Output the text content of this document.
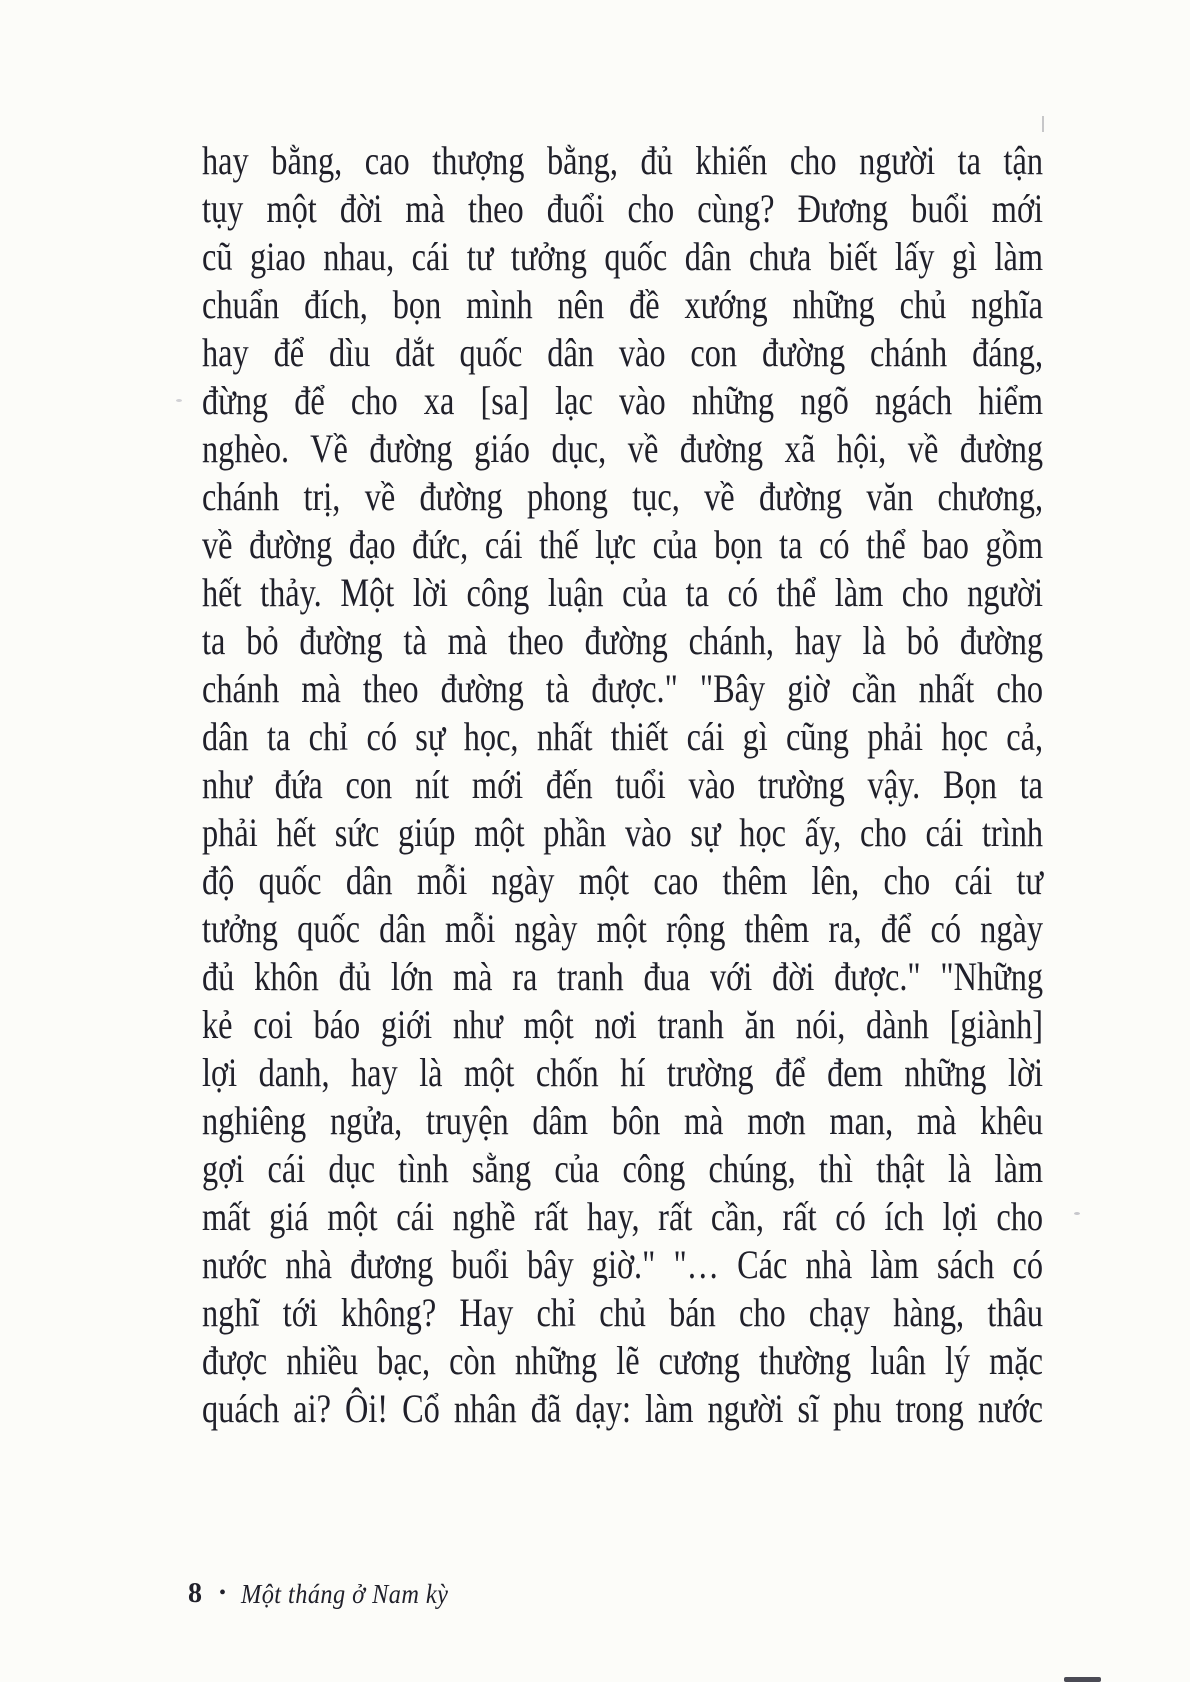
hay bằng, cao thượng bằng, đủ khiến cho người ta tận
tụy một đời mà theo đuổi cho cùng? Đương buổi mới
cũ giao nhau, cái tư tưởng quốc dân chưa biết lấy gì làm
chuẩn đích, bọn mình nên đề xướng những chủ nghĩa
hay để dìu dắt quốc dân vào con đường chánh đáng,
đừng để cho xa [sa] lạc vào những ngõ ngách hiểm
nghèo. Về đường giáo dục, về đường xã hội, về đường
chánh trị, về đường phong tục, về đường văn chương,
về đường đạo đức, cái thế lực của bọn ta có thể bao gồm
hết thảy. Một lời công luận của ta có thể làm cho người
ta bỏ đường tà mà theo đường chánh, hay là bỏ đường
chánh mà theo đường tà được." "Bây giờ cần nhất cho
dân ta chỉ có sự học, nhất thiết cái gì cũng phải học cả,
như đứa con nít mới đến tuổi vào trường vậy. Bọn ta
phải hết sức giúp một phần vào sự học ấy, cho cái trình
độ quốc dân mỗi ngày một cao thêm lên, cho cái tư
tưởng quốc dân mỗi ngày một rộng thêm ra, để có ngày
đủ khôn đủ lớn mà ra tranh đua với đời được." "Những
kẻ coi báo giới như một nơi tranh ăn nói, dành [giành]
lợi danh, hay là một chốn hí trường để đem những lời
nghiêng ngửa, truyện dâm bôn mà mơn man, mà khêu
gợi cái dục tình sằng của công chúng, thì thật là làm
mất giá một cái nghề rất hay, rất cần, rất có ích lợi cho
nước nhà đương buổi bây giờ." "… Các nhà làm sách có
nghĩ tới không? Hay chỉ chủ bán cho chạy hàng, thâu
được nhiều bạc, còn những lẽ cương thường luân lý mặc
quách ai? Ôi! Cổ nhân đã dạy: làm người sĩ phu trong nước
8 • Một tháng ở Nam kỳ
